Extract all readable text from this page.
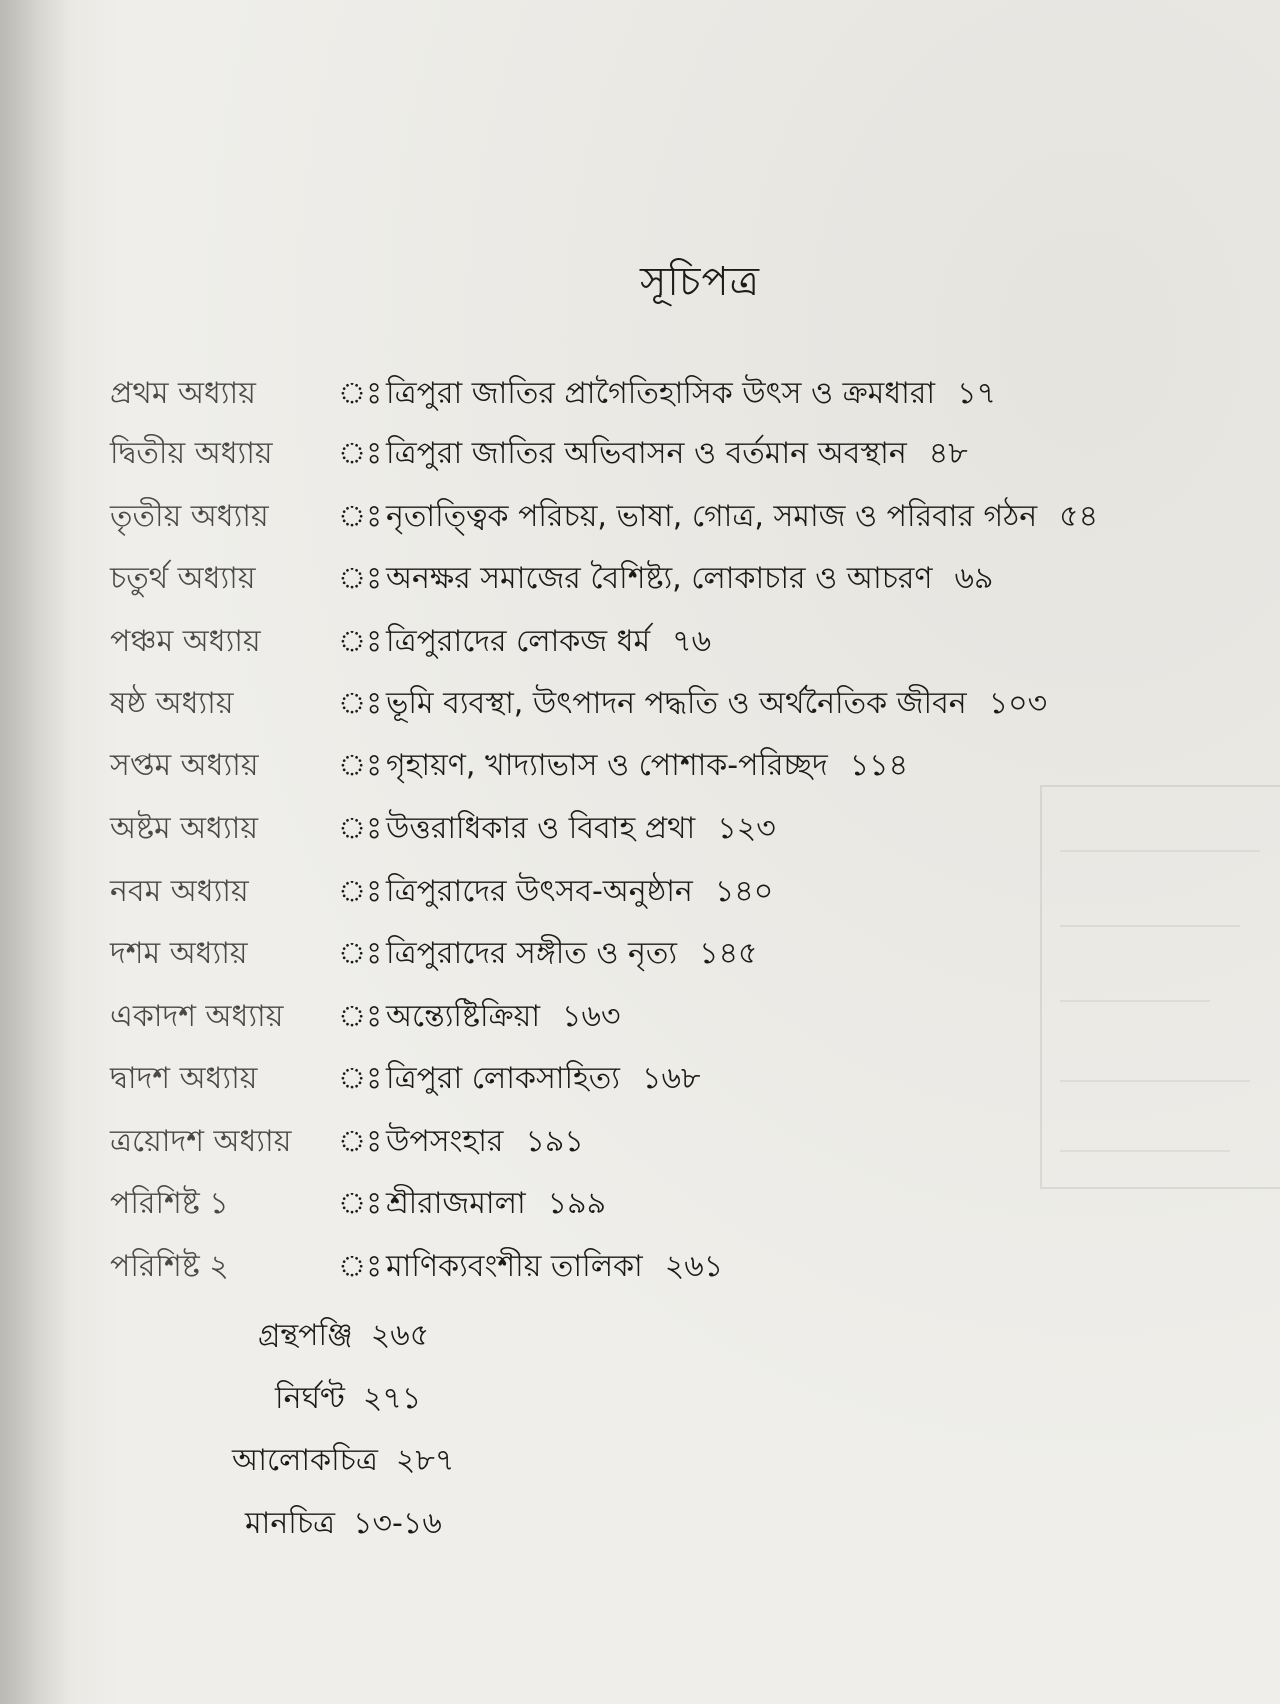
সূচিপত্র
প্রথম অধ্যায়	ঃ ত্রিপুরা জাতির প্রাগৈতিহাসিক উৎস ও ক্রমধারা ১৭
দ্বিতীয় অধ্যায় ঃ ত্রিপুরা জাতির অভিবাসন ও বর্তমান অবস্থান ৪৮
তৃতীয় অধ্যায় ঃ নৃতাত্ত্বিক পরিচয়, ভাষা, গোত্র, সমাজ ও পরিবার গঠন ৫৪
চতুর্থ অধ্যায়	ঃ অনক্ষর সমাজের বৈশিষ্ট্য, লোকাচার ও আচরণ ৬৯
পঞ্চম অধ্যায়	ঃ ত্রিপুরাদের লোকজ ধর্ম ৭৬
ষষ্ঠ অধ্যায়	ঃ ভূমি ব্যবস্থা, উৎপাদন পদ্ধতি ও অর্থনৈতিক জীবন ১০৩
সপ্তম অধ্যায়	ঃ গৃহায়ণ, খাদ্যাভাস ও পোশাক-পরিচ্ছদ ১১৪
অষ্টম অধ্যায়	ঃ উত্তরাধিকার ও বিবাহ প্রথা ১২৩
নবম অধ্যায়	ঃ ত্রিপুরাদের উৎসব-অনুষ্ঠান ১৪০
দশম অধ্যায়	ঃ ত্রিপুরাদের সঙ্গীত ও নৃত্য ১৪৫
একাদশ অধ্যায় ঃ অন্ত্যেষ্টিক্রিয়া ১৬৩
দ্বাদশ অধ্যায়	ঃ ত্রিপুরা লোকসাহিত্য ১৬৮
ত্রয়োদশ অধ্যায় ঃ উপসংহার ১৯১
পরিশিষ্ট ১	ঃ শ্রীরাজমালা ১৯৯
পরিশিষ্ট ২	ঃ মাণিক্যবংশীয় তালিকা ২৬১
গ্রন্থপঞ্জি ২৬৫
নির্ঘণ্ট ২৭১
আলোকচিত্র ২৮৭
মানচিত্র ১৩-১৬
